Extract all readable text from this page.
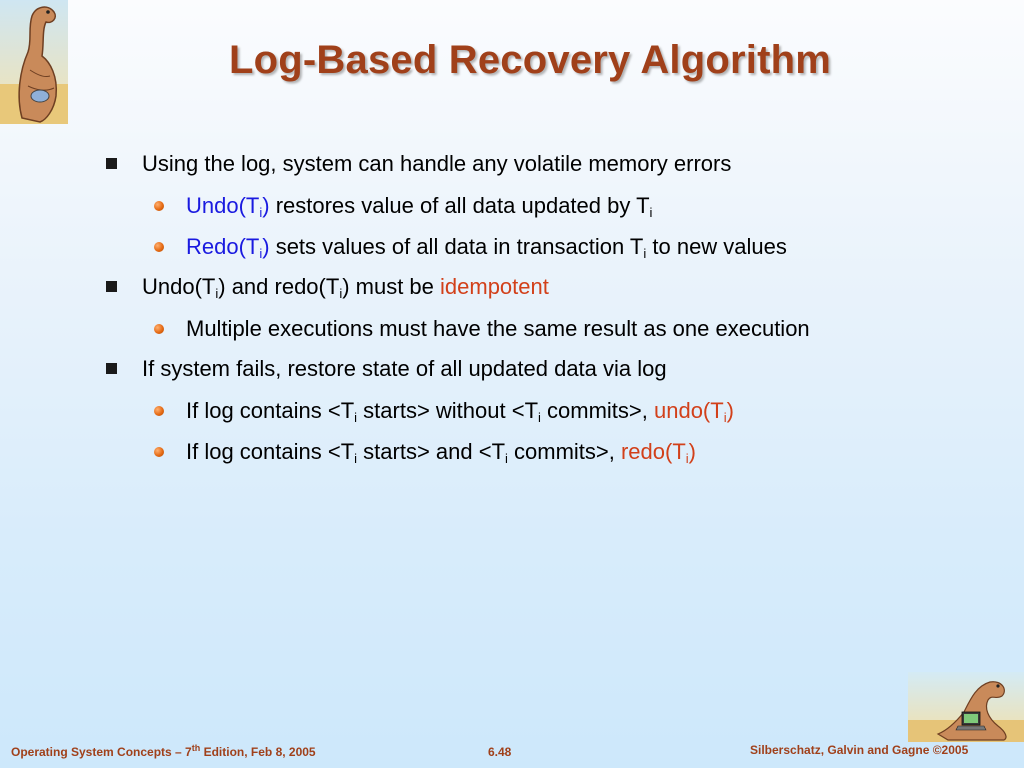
Log-Based Recovery Algorithm
Using the log, system can handle any volatile memory errors
$Undo(T_i)$ restores value of all data updated by $T_i$
$Redo(T_i)$ sets values of all data in transaction $T_i$ to new values
$Undo(T_i)$ and $redo(T_i)$ must be idempotent
Multiple executions must have the same result as one execution
If system fails, restore state of all updated data via log
If log contains $<T_i$ starts> without $<T_i$ commits>, $undo(T_i)$
If log contains $<T_i$ starts> and $<T_i$ commits>, $redo(T_i)$
Operating System Concepts – 7th Edition, Feb 8, 2005	6.48	Silberschatz, Galvin and Gagne ©2005
